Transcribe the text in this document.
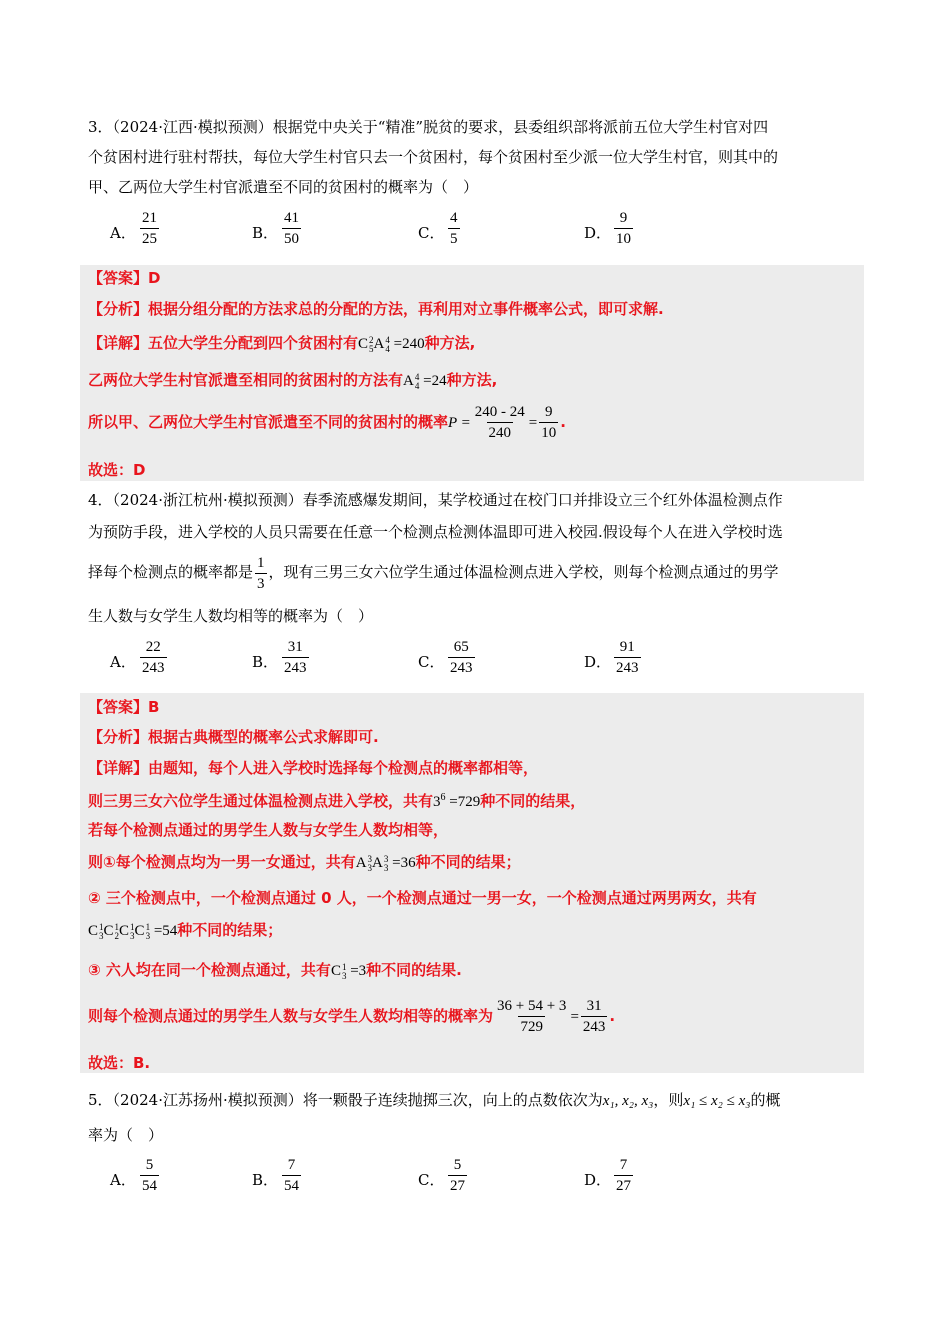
3．（2024·江西·模拟预测）根据党中央关于“精准”脱贫的要求，县委组织部将派前五位大学生村官对四
个贫困村进行驻村帮扶，每位大学生村官只去一个贫困村，每个贫困村至少派一位大学生村官，则其中的
甲、乙两位大学生村官派遣至不同的贫困村的概率为（　）
A． $\frac{21}{25}$	B． $\frac{41}{50}$	C． $\frac{4}{5}$	D． $\frac{9}{10}$
【答案】D
【分析】根据分组分配的方法求总的分配的方法，再利用对立事件概率公式，即可求解.
【详解】五位大学生分配到四个贫困村有C 2
5 A 4
4 =240种方法,
乙两位大学生村官派遣至相同的贫困村的方法有A 4
4 =24种方法,
所以甲、乙两位大学生村官派遣至不同的贫困村的概率$P = \frac{240 - 24}{240} = \frac{9}{10}$ .
故选：D
4．（2024·浙江杭州·模拟预测）春季流感爆发期间，某学校通过在校门口并排设立三个红外体温检测点作
为预防手段，进入学校的人员只需要在任意一个检测点检测体温即可进入校园.假设每个人在进入学校时选
择每个检测点的概率都是 $\frac{1}{3}$ ，现有三男三女六位学生通过体温检测点进入学校，则每个检测点通过的男学
生人数与女学生人数均相等的概率为（　）
A． $\frac{22}{243}$	B． $\frac{31}{243}$	C． $\frac{65}{243}$	D． $\frac{91}{243}$
【答案】B
【分析】根据古典概型的概率公式求解即可.
【详解】由题知，每个人进入学校时选择每个检测点的概率都相等，
则三男三女六位学生通过体温检测点进入学校，共有$3^6 =729$种不同的结果，
若每个检测点通过的男学生人数与女学生人数均相等，
则①每个检测点均为一男一女通过，共有A 3
3 A 3
3 =36种不同的结果；
② 三个检测点中，一个检测点通过 0 人，一个检测点通过一男一女，一个检测点通过两男两女，共有
C 1
3 C 1
2 C 1
3 C 1
3 =54种不同的结果；
③ 六人均在同一个检测点通过，共有C 1
3 =3种不同的结果.
则每个检测点通过的男学生人数与女学生人数均相等的概率为 $\frac{36 + 54 + 3}{729} = \frac{31}{243}$ .
故选：B.
5．（2024·江苏扬州·模拟预测）将一颗骰子连续抛掷三次，向上的点数依次为x₁, x₂, x₃，则x₁ ≤ x₂ ≤ x₃的概
率为（　）
A． $\frac{5}{54}$	B． $\frac{7}{54}$	C． $\frac{5}{27}$	D． $\frac{7}{27}$
